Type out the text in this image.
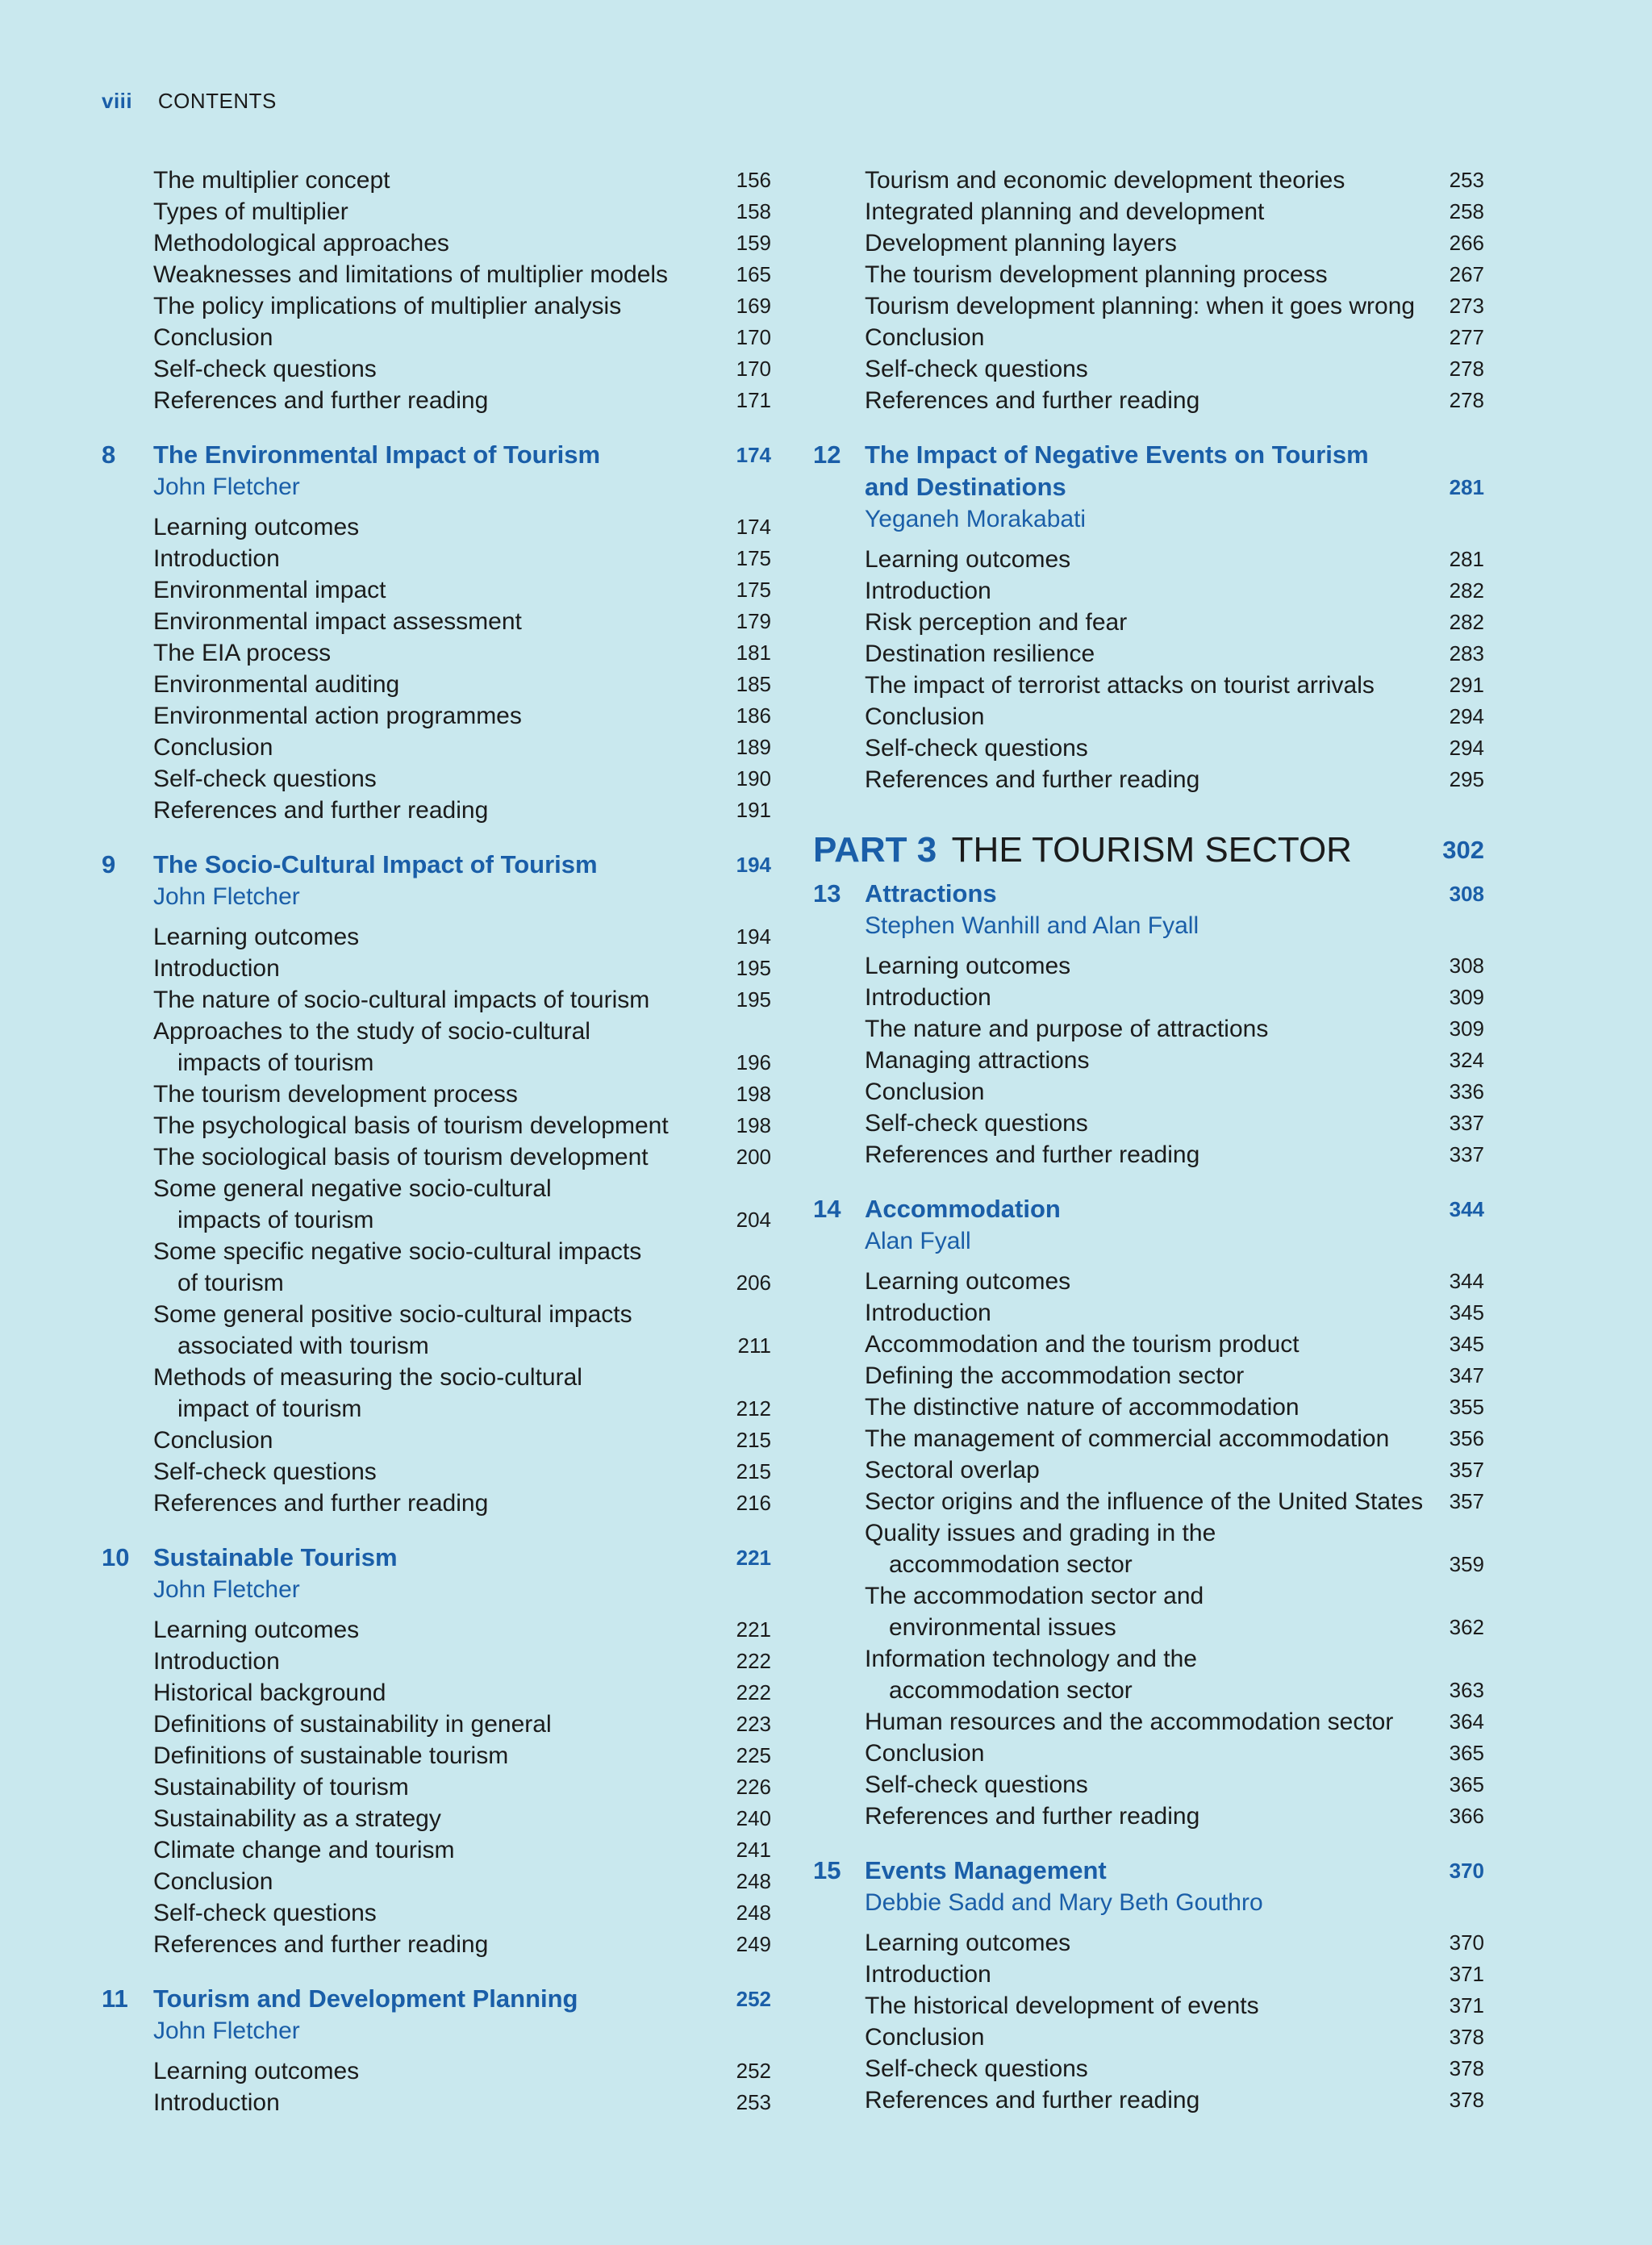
viii CONTENTS
The multiplier concept	156
Types of multiplier	158
Methodological approaches	159
Weaknesses and limitations of multiplier models	165
The policy implications of multiplier analysis	169
Conclusion	170
Self-check questions	170
References and further reading	171
8 The Environmental Impact of Tourism	174
John Fletcher
Learning outcomes	174
Introduction	175
Environmental impact	175
Environmental impact assessment	179
The EIA process	181
Environmental auditing	185
Environmental action programmes	186
Conclusion	189
Self-check questions	190
References and further reading	191
9 The Socio-Cultural Impact of Tourism	194
John Fletcher
Learning outcomes	194
Introduction	195
The nature of socio-cultural impacts of tourism	195
Approaches to the study of socio-cultural
impacts of tourism	196
The tourism development process	198
The psychological basis of tourism development	198
The sociological basis of tourism development	200
Some general negative socio-cultural
impacts of tourism	204
Some specific negative socio-cultural impacts
of tourism	206
Some general positive socio-cultural impacts
associated with tourism	211
Methods of measuring the socio-cultural
impact of tourism	212
Conclusion	215
Self-check questions	215
References and further reading	216
10 Sustainable Tourism	221
John Fletcher
Learning outcomes	221
Introduction	222
Historical background	222
Definitions of sustainability in general	223
Definitions of sustainable tourism	225
Sustainability of tourism	226
Sustainability as a strategy	240
Climate change and tourism	241
Conclusion	248
Self-check questions	248
References and further reading	249
11 Tourism and Development Planning	252
John Fletcher
Learning outcomes	252
Introduction	253
Tourism and economic development theories	253
Integrated planning and development	258
Development planning layers	266
The tourism development planning process	267
Tourism development planning: when it goes wrong 273
Conclusion	277
Self-check questions	278
References and further reading	278
12 The Impact of Negative Events on Tourism
and Destinations	281
Yeganeh Morakabati
Learning outcomes	281
Introduction	282
Risk perception and fear	282
Destination resilience	283
The impact of terrorist attacks on tourist arrivals	291
Conclusion	294
Self-check questions	294
References and further reading	295
PART 3 THE TOURISM SECTOR	302
13 Attractions	308
Stephen Wanhill and Alan Fyall
Learning outcomes	308
Introduction	309
The nature and purpose of attractions	309
Managing attractions	324
Conclusion	336
Self-check questions	337
References and further reading	337
14 Accommodation	344
Alan Fyall
Learning outcomes	344
Introduction	345
Accommodation and the tourism product	345
Defining the accommodation sector	347
The distinctive nature of accommodation	355
The management of commercial accommodation	356
Sectoral overlap	357
Sector origins and the influence of the United States 357
Quality issues and grading in the
accommodation sector	359
The accommodation sector and
environmental issues	362
Information technology and the
accommodation sector	363
Human resources and the accommodation sector	364
Conclusion	365
Self-check questions	365
References and further reading	366
15 Events Management	370
Debbie Sadd and Mary Beth Gouthro
Learning outcomes	370
Introduction	371
The historical development of events	371
Conclusion	378
Self-check questions	378
References and further reading	378
